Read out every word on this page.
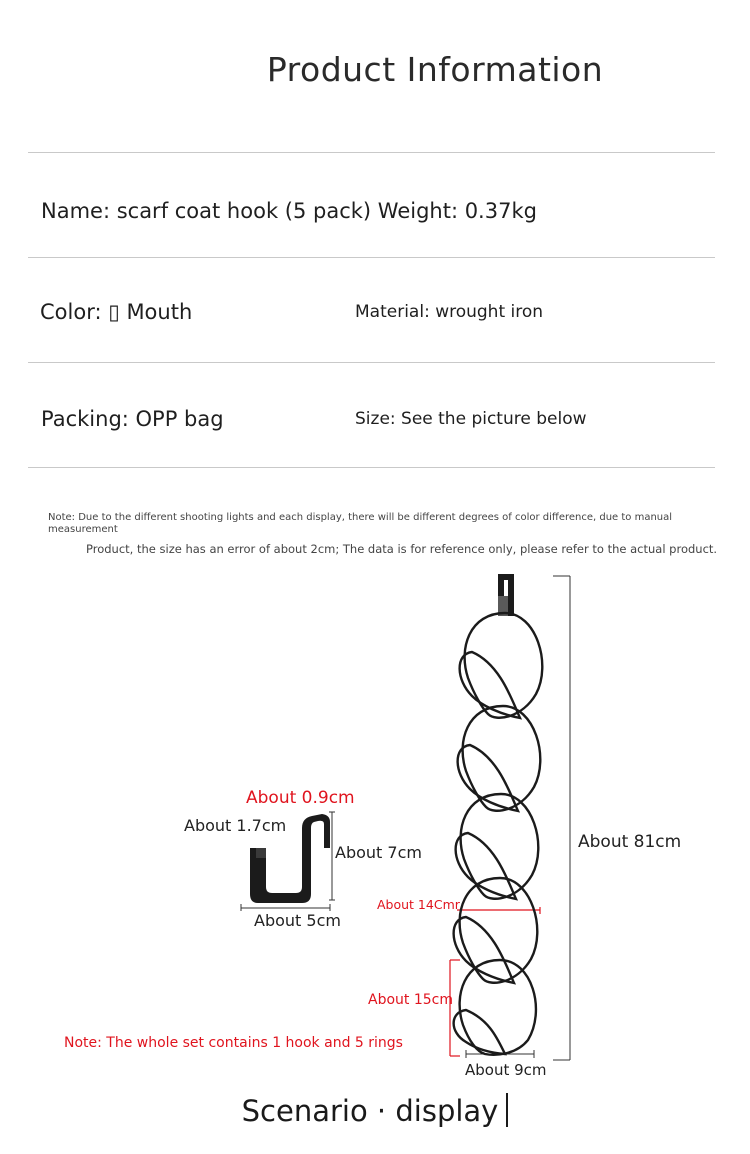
Product Information
Name: scarf coat hook (5 pack) Weight: 0.37kg
Color: ▯ Mouth	Material: wrought iron
Packing: OPP bag	Size: See the picture below
Note: Due to the different shooting lights and each display, there will be different degrees of color difference, due to manual measurement
Product, the size has an error of about 2cm; The data is for reference only, please refer to the actual product.
About 0.9cm
About 1.7cm
About 7cm
About 5cm
About 81cm
About 14Cmr
About 15cm
About 9cm
Note: The whole set contains 1 hook and 5 rings
Scenario · display
